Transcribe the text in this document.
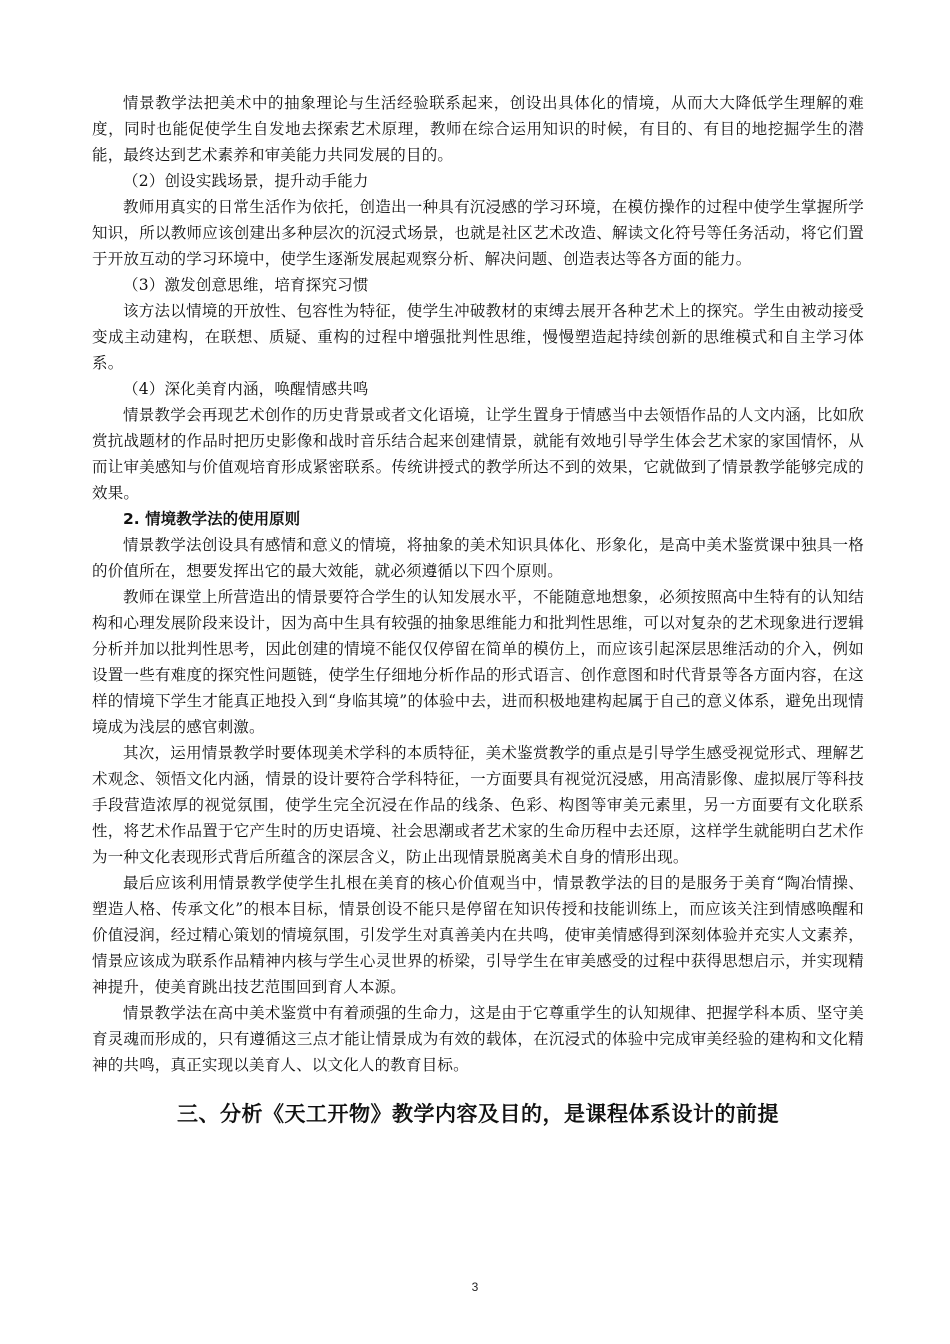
情景教学法把美术中的抽象理论与生活经验联系起来，创设出具体化的情境，从而大大降低学生理解的难度，同时也能促使学生自发地去探索艺术原理，教师在综合运用知识的时候，有目的、有目的地挖掘学生的潜能，最终达到艺术素养和审美能力共同发展的目的。

（2）创设实践场景，提升动手能力

教师用真实的日常生活作为依托，创造出一种具有沉浸感的学习环境，在模仿操作的过程中使学生掌握所学知识，所以教师应该创建出多种层次的沉浸式场景，也就是社区艺术改造、解读文化符号等任务活动，将它们置于开放互动的学习环境中，使学生逐渐发展起观察分析、解决问题、创造表达等各方面的能力。

（3）激发创意思维，培育探究习惯

该方法以情境的开放性、包容性为特征，使学生冲破教材的束缚去展开各种艺术上的探究。学生由被动接受变成主动建构，在联想、质疑、重构的过程中增强批判性思维，慢慢塑造起持续创新的思维模式和自主学习体系。

（4）深化美育内涵，唤醒情感共鸣

情景教学会再现艺术创作的历史背景或者文化语境，让学生置身于情感当中去领悟作品的人文内涵，比如欣赏抗战题材的作品时把历史影像和战时音乐结合起来创建情景，就能有效地引导学生体会艺术家的家国情怀，从而让审美感知与价值观培育形成紧密联系。传统讲授式的教学所达不到的效果，它就做到了情景教学能够完成的效果。

2. 情境教学法的使用原则

情景教学法创设具有感情和意义的情境，将抽象的美术知识具体化、形象化，是高中美术鉴赏课中独具一格的价值所在，想要发挥出它的最大效能，就必须遵循以下四个原则。

教师在课堂上所营造出的情景要符合学生的认知发展水平，不能随意地想象，必须按照高中生特有的认知结构和心理发展阶段来设计，因为高中生具有较强的抽象思维能力和批判性思维，可以对复杂的艺术现象进行逻辑分析并加以批判性思考，因此创建的情境不能仅仅停留在简单的模仿上，而应该引起深层思维活动的介入，例如设置一些有难度的探究性问题链，使学生仔细地分析作品的形式语言、创作意图和时代背景等各方面内容，在这样的情境下学生才能真正地投入到“身临其境”的体验中去，进而积极地建构起属于自己的意义体系，避免出现情境成为浅层的感官刺激。

其次，运用情景教学时要体现美术学科的本质特征，美术鉴赏教学的重点是引导学生感受视觉形式、理解艺术观念、领悟文化内涵，情景的设计要符合学科特征，一方面要具有视觉沉浸感，用高清影像、虚拟展厅等科技手段营造浓厚的视觉氛围，使学生完全沉浸在作品的线条、色彩、构图等审美元素里，另一方面要有文化联系性，将艺术作品置于它产生时的历史语境、社会思潮或者艺术家的生命历程中去还原，这样学生就能明白艺术作为一种文化表现形式背后所蕴含的深层含义，防止出现情景脱离美术自身的情形出现。

最后应该利用情景教学使学生扎根在美育的核心价值观当中，情景教学法的目的是服务于美育“陶冶情操、塑造人格、传承文化”的根本目标，情景创设不能只是停留在知识传授和技能训练上，而应该关注到情感唤醒和价值浸润，经过精心策划的情境氛围，引发学生对真善美内在共鸣，使审美情感得到深刻体验并充实人文素养，情景应该成为联系作品精神内核与学生心灵世界的桥梁，引导学生在审美感受的过程中获得思想启示，并实现精神提升，使美育跳出技艺范围回到育人本源。

情景教学法在高中美术鉴赏中有着顽强的生命力，这是由于它尊重学生的认知规律、把握学科本质、坚守美育灵魂而形成的，只有遵循这三点才能让情景成为有效的载体，在沉浸式的体验中完成审美经验的建构和文化精神的共鸣，真正实现以美育人、以文化人的教育目标。

三、分析《天工开物》教学内容及目的，是课程体系设计的前提
3
